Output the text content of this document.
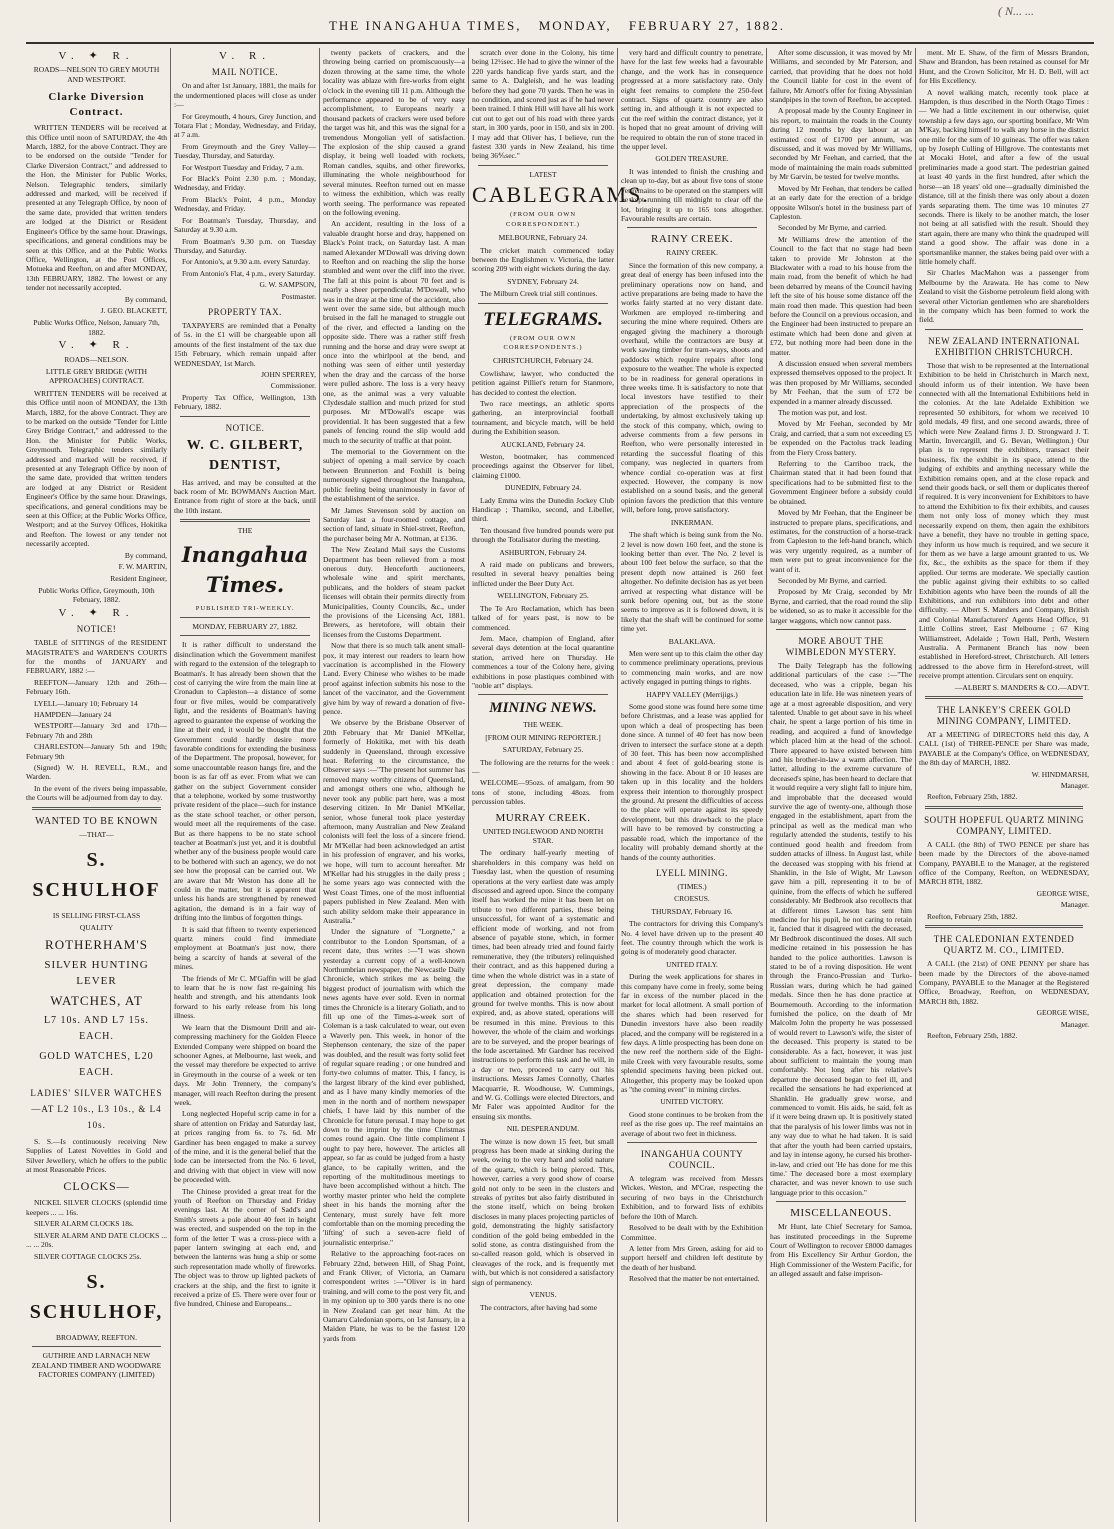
( N... ...
THE INANGAHUA TIMES, MONDAY, FEBRUARY 27, 1882.
V. ✦ R.

ROADS—NELSON TO GREY MOUTH AND WESTPORT.

Clarke Diversion Contract.

WRITTEN TENDERS will be received at this Office until noon of SATURDAY, the 4th March, 1882, for the above Contract. They are to be endorsed on the outside "Tender for Clarke Diversion Contract," and addressed to the Hon. the Minister for Public Works, Nelson. Telegraphic tenders, similarly addressed and marked, will be received if presented at any Telegraph Office, by noon of the same date, provided that written tenders are lodged at the District or Resident Engineer's Office by the same hour. Drawings, specifications, and general conditions may be seen at this Office, and at the Public Works Office, Wellington, at the Post Offices, Motueka and Reefton, on and after MONDAY, 13th FEBRUARY, 1882. The lowest or any tender not necessarily accepted.

By command,

J. GEO. BLACKETT,

Public Works Office, Nelson, January 7th, 1882.

V. ✦ R.

ROADS—NELSON.

LITTLE GREY BRIDGE (WITH APPROACHES) CONTRACT.

WRITTEN TENDERS will be received at this Office until noon of MONDAY, the 13th March, 1882, for the above Contract. They are to be marked on the outside "Tender for Little Grey Bridge Contract," and addressed to the Hon. the Minister for Public Works, Greymouth. Telegraphic tenders similarly addressed and marked will be received, if presented at any Telegraph Office by noon of the same date, provided that written tenders are lodged at any District or Resident Engineer's Office by the same hour. Drawings, specifications, and general conditions may be seen at this Office; at the Public Works Office, Westport; and at the Survey Offices, Hokitika and Reefton. The lowest or any tender not necessarily accepted.

By command,

F. W. MARTIN,

Resident Engineer,

Public Works Office, Greymouth, 10th February, 1882.

V. ✦ R.

NOTICE!

TABLE of SITTINGS of the RESIDENT MAGISTRATE'S and WARDEN'S COURTS for the months of JANUARY and FEBRUARY, 1882 :—

REEFTON—January 12th and 26th—February 16th.

LYELL—January 10; February 14

HAMPDEN—January 24

WESTPORT—January 3rd and 17th—February 7th and 28th

CHARLESTON—January 5th and 19th; February 9th

(Signed) W. H. REVELL, R.M., and Warden.

In the event of the rivers being impassable, the Courts will be adjourned from day to day.

WANTED TO BE KNOWN

—THAT—

S. SCHULHOF

IS SELLING FIRST-CLASS

QUALITY

ROTHERHAM'S

SILVER HUNTING LEVER

WATCHES, AT

L7 10s. AND L7 15s. EACH.

GOLD WATCHES, L20 EACH.

LADIES' SILVER WATCHES—AT L2 10s., L3 10s., & L4 10s.

S. S.—Is continuously receiving New Supplies of Latest Novelties in Gold and Silver Jewellery, which he offers to the public at most Reasonable Prices.

CLOCKS—

NICKEL SILVER CLOCKS (splendid time keepers ... ... 16s.

SILVER ALARM CLOCKS 18s.

SILVER ALARM AND DATE CLOCKS ... ... ... 20s.

SILVER COTTAGE CLOCKS 25s.

S. SCHULHOF,

BROADWAY, REEFTON.

GUTHRIE AND LARNACH NEW ZEALAND TIMBER AND WOODWARE FACTORIES COMPANY (LIMITED)

V. R.

MAIL NOTICE.

On and after 1st January, 1881, the mails for the undermentioned places will close as under :—

For Greymouth, 4 hours, Grey Junction, and Totara Flat ; Monday, Wednesday, and Friday, at 7 a.m.

From Greymouth and the Grey Valley—Tuesday, Thursday, and Saturday.

For Westport Tuesday and Friday, 7 a.m.

For Black's Point 2.30 p.m. ; Monday, Wednesday, and Friday.

From Black's Point, 4 p.m., Monday Wednesday, and Friday.

For Boatman's Tuesday, Thursday, and Saturday at 9.30 a.m.

From Boatman's 9.30 p.m. on Tuesday Thursday, and Saturday.

For Antonio's, at 9.30 a.m. every Saturday.

From Antonio's Flat, 4 p.m., every Saturday.

G. W. SAMPSON,

Postmaster.

PROPERTY TAX.

TAXPAYERS are reminded that a Penalty of 5s. in the £1 will be chargeable upon all amounts of the first instalment of the tax due 15th February, which remain unpaid after WEDNESDAY, 1st March.

JOHN SPERREY,

Commissioner.

Property Tax Office, Wellington, 13th February, 1882.

NOTICE.

W. C. GILBERT,

DENTIST,

Has arrived, and may be consulted at the back room of Mr. BOWMAN's Auction Mart. Entrance from right of store at the back, until the 10th instant.

THE

Inangahua Times.

PUBLISHED TRI-WEEKLY.

MONDAY, FEBRUARY 27, 1882.

It is rather difficult to understand the disinclination which the Government manifest with regard to the extension of the telegraph to Boatman's. It has already been shown that the cost of carrying the wire from the main line at Cronadun to Capleston—a distance of some four or five miles, would be comparatively light, and the residents of Boatman's having agreed to guarantee the expense of working the line at their end, it would be thought that the Government could hardly desire more favorable conditions for extending the business of the Department. The proposal, however, for some unaccountable reason hangs fire, and the boon is as far off as ever. From what we can gather on the subject Government consider that a telephone, worked by some trustworthy private resident of the place—such for instance as the state school teacher, or other person, would meet all the requirements of the case. But as there happens to be no state school teacher at Boatman's just yet, and it is doubtful whether any of the business people would care to be bothered with such an agency, we do not see how the proposal can be carried out. We are aware that Mr Weston has done all he could in the matter, but it is apparent that unless his hands are strengthened by renewed agitation, the demand is in a fair way of drifting into the limbus of forgotten things.

It is said that fifteen to twenty experienced quartz miners could find immediate employment at Boatman's just now, there being a scarcity of hands at several of the mines.

The friends of Mr C. M'Gaffin will be glad to learn that he is now fast re-gaining his health and strength, and his attendants look forward to his early release from his long illness.

We learn that the Dismount Drill and air-compressing machinery for the Golden Fleece Extended Company were shipped on board the schooner Agnes, at Melbourne, last week, and the vessel may therefore be expected to arrive in Greymouth in the course of a week or ten days. Mr John Trennery, the company's manager, will reach Reefton during the present week.

Long neglected Hopeful scrip came in for a share of attention on Friday and Saturday last, at prices ranging from 6s. to 7s. 6d. Mr Gardiner has been engaged to make a survey of the mine, and it is the general belief that the lode can be intersected from the No. 6 level, and driving with that object in view will now be proceeded with.

The Chinese provided a great treat for the youth of Reefton on Thursday and Friday evenings last. At the corner of Sadd's and Smith's streets a pole about 40 feet in height was erected, and suspended on the top in the form of the letter T was a cross-piece with a paper lantern swinging at each end, and between the lanterns was hung a ship or some such representation made wholly of fireworks. The object was to throw up lighted packets of crackers at the ship, and the first to ignite it received a prize of £5. There were over four or five hundred, Chinese and Europeans...

twenty packets of crackers, and the throwing being carried on promiscuously—a dozen throwing at the same time, the whole locality was ablaze with fire-works from eight o'clock in the evening till 11 p.m. Although the performance appeared to be of very easy accomplishment, to Europeans nearly a thousand packets of crackers were used before the target was hit, and this was the signal for a tremendous Mongolian yell of satisfaction. The explosion of the ship caused a grand display, it being well loaded with rockets, Roman candles, squibs, and other fireworks, illuminating the whole neighbourhood for several minutes. Reefton turned out en masse to witness the exhibition, which was really worth seeing. The performance was repeated on the following evening.

An accident, resulting in the loss of a valuable draught horse and dray, happened on Black's Point track, on Saturday last. A man named Alexander M'Dowall was driving down to Reefton and on reaching the slip the horse stumbled and went over the cliff into the river. The fall at this point is about 70 feet and is nearly a sheer perpendicular. M'Dowall, who was in the dray at the time of the accident, also went over the same side, but although much bruised in the fall he managed to struggle out of the river, and effected a landing on the opposite side. There was a rather stiff fresh running and the horse and dray were swept at once into the whirlpool at the bend, and nothing was seen of either until yesterday when the dray and the carcass of the horse were pulled ashore. The loss is a very heavy one, as the animal was a very valuable Clydesdale stallion and much prized for stud purposes. Mr M'Dowall's escape was providential. It has been suggested that a few panels of fencing round the slip would add much to the security of traffic at that point.

The memorial to the Government on the subject of opening a mail service by coach between Brunnerton and Foxhill is being numerously signed throughout the Inangahua, public feeling being unanimously in favor of the establishment of the service.

Mr James Stevenson sold by auction on Saturday last a four-roomed cottage, and section of land, situate in Shiel-street, Reefton, the purchaser being Mr A. Nottman, at £136.

The New Zealand Mail says the Customs Department has been relieved from a most onerous duty. Henceforth auctioneers, wholesale wine and spirit merchants, publicans, and the holders of steam packet licenses will obtain their permits directly from Municipalities, County Councils, &c., under the provisions of the Licensing Act, 1881. Brewers, as heretofore, will obtain their licenses from the Customs Department.

Now that there is so much talk anent small-pox, it may interest our readers to learn how vaccination is accomplished in the Flowery Land. Every Chinese who wishes to be made proof against infection submits his nose to the lancet of the vaccinator, and the Government give him by way of reward a donation of five-pence.

We observe by the Brisbane Observer of 20th February that Mr Daniel M'Kellar, formerly of Hokitika, met with his death suddenly in Queensland, through excessive heat. Referring to the circumstance, the Observer says :—"The present hot summer has removed many worthy citizens of Queensland, and amongst others one who, although he never took any public part here, was a most deserving citizen. In Mr Daniel M'Kellar, senior, whose funeral took place yesterday afternoon, many Australian and New Zealand colonists will feel the loss of a sincere friend. Mr M'Kellar had been acknowledged an artist in his profession of engraver, and his works, we hope, will turn to account hereafter. Mr M'Kellar had his struggles in the daily press ; he some years ago was connected with the West Coast Times, one of the most influential papers published in New Zealand. Men with such ability seldom make their appearance in Australia."

Under the signature of "Lorgnette," a contributor to the London Sportsman, of a recent date, thus writes :—"I was shown yesterday a current copy of a well-known Northumbrian newspaper, the Newcastle Daily Chronicle, which strikes me as being the biggest product of journalism with which the news agents have ever sold. Even in normal times the Chronicle is a literary Goliath, and to fill up one of the Times-a-week sort of Coleman is a task calculated to wear, out even a Waverly pen. This week, in honor of the Stephenson centenary, the size of the paper was doubled, and the result was forty solid feet of regular square reading ; or one hundred and forty-two columns of matter. This, I fancy, is the largest library of the kind ever published, and as I have many kindly memories of the men in the north and of northern newspaper chiefs, I have laid by this number of the Chronicle for future perusal. I may hope to get down to the imprint by the time Christmas comes round again. One little compliment I ought to pay here, however. The articles all appear, so far as could be judged from a hasty glance, to be capitally written, and the reporting of the multitudinous meetings to have been accomplished without a hitch. The worthy master printer who held the complete sheet in his hands the morning after the Centenary, must surely have felt more comfortable than on the morning preceding the 'lifting' of such a seven-acre field of journalistic enterprise."

Relative to the approaching foot-races on February 22nd, between Hill, of Shag Point, and Frank Oliver, of Victoria, an Oamaru correspondent writes :—"Oliver is in hard training, and will come to the post very fit, and in my opinion up to 300 yards there is no one in New Zealand can get near him. At the Oamaru Caledonian sports, on 1st January, in a Maiden Plate, he was to be the fastest 120 yards from

scratch ever done in the Colony, his time being 12½sec. He had to give the winner of the 220 yards handicap five yards start, and the same to A. Dalgleish, and he was leading before they had gone 70 yards. Then he was in no condition, and scored just as if he had never been trained. I think Hill will have all his work cut out to get out of his road with three yards start, in 300 yards, poor in 150, and six in 200. I may add that Oliver has, I believe, run the fastest 330 yards in New Zealand, his time being 36⅘sec."

LATEST

CABLEGRAMS.

(FROM OUR OWN CORRESPONDENT.)

MELBOURNE, February 24.

The cricket match commenced today between the Englishmen v. Victoria, the latter scoring 209 with eight wickets during the day.

SYDNEY, February 24.

The Milburn Creek trial still continues.

TELEGRAMS.

(FROM OUR OWN CORRESPONDENTS.)

CHRISTCHURCH, February 24.

Cowlishaw, lawyer, who conducted the petition against Pilliet's return for Stanmore, has decided to contest the election.

Two race meetings, an athletic sports gathering, an interprovincial football tournament, and bicycle match, will be held during the Exhibition season.

AUCKLAND, February 24.

Weston, bootmaker, has commenced proceedings against the Observer for libel, claiming £1000.

DUNEDIN, February 24.

Lady Emma wins the Dunedin Jockey Club Handicap ; Thamiko, second, and Libeller, third.

Ten thousand five hundred pounds were put through the Totalisator during the meeting.

ASHBURTON, February 24.

A raid made on publicans and brewers, resulted in several heavy penalties being inflicted under the Beer Duty Act.

WELLINGTON, February 25.

The Te Aro Reclamation, which has been talked of for years past, is now to be commenced.

Jem. Mace, champion of England, after several days detention at the local quarantine station, arrived here on Thursday. He commences a tour of the Colony here, giving exhibitions in pose plastiques combined with "noble art" displays.

MINING NEWS.

THE WEEK.

[FROM OUR MINING REPORTER.]

SATURDAY, February 25.

The following are the returns for the week :—

WELCOME—95ozs. of amalgam, from 90 tons of stone, including 48ozs. from percussion tables.

MURRAY CREEK.

UNITED INGLEWOOD AND NORTH STAR.

The ordinary half-yearly meeting of shareholders in this company was held on Tuesday last, when the question of resuming operations at the very earliest date was amply discussed and agreed upon. Since the company itself has worked the mine it has been let on tribute to two different parties, these being unsuccessful, for want of a systematic and efficient mode of working, and not from absence of payable stone, which, in former times, had been already tried and found fairly remunerative, they (the tributers) relinquished their contract, and as this happened during a time when the whole district was in a state of great depression, the company made application and obtained protection for the ground for twelve months. This is now about expired, and, as above stated, operations will be resumed in this mine. Previous to this however, the whole of the claim and workings are to be surveyed, and the proper bearings of the lode ascertained. Mr Gardner has received instructions to perform this task and he will, in a day or two, proceed to carry out his instructions. Messrs James Connolly, Charles Macquarrie, R. Woodhouse, W. Cummings, and W. G. Collings were elected Directors, and Mr Faler was appointed Auditor for the ensuing six months.

NIL DESPERANDUM.

The winze is now down 15 feet, but small progress has been made at sinking during the week, owing to the very hard and solid nature of the quartz, which is being pierced. This, however, carries a very good show of coarse gold not only to be seen in the clusters and streaks of pyrites but also fairly distributed in the stone itself, which on being broken discloses in many places projecting particles of gold, demonstrating the highly satisfactory condition of the gold being embedded in the solid stone, as contra distinguished from the so-called reason gold, which is observed in cleavages of the rock, and is frequently met with, but which is not considered a satisfactory sign of permanency.

VENUS.

The contractors, after having had some

very hard and difficult country to penetrate, have for the last few weeks had a favourable change, and the work has in consequence progressed at a more satisfactory rate. Only eight feet remains to complete the 250-feet contract. Signs of quartz country are also setting in, and although it is not expected to cut the reef within the contract distance, yet it is hoped that no great amount of driving will be required to obtain the run of stone traced in the upper level.

GOLDEN TREASURE.

It was intended to finish the crushing and clean up to-day, but as about five tons of stone yet remains to be operated on the stampers will be kept running till midnight to clear off the lot, bringing it up to 165 tons altogether. Favourable results are certain.

RAINY CREEK.

RAINY CREEK.

Since the formation of this new company, a great deal of energy has been infused into the preliminary operations now on hand, and active preparations are being made to have the works fairly started at no very distant date. Workmen are employed re-timbering and securing the mine where required. Others are engaged giving the machinery a thorough overhaul, while the contractors are busy at work sawing timber for tram-ways, shoots and paddocks which require repairs after long exposure to the weather. The whole is expected to be in readiness for general operations in three weeks time. It is satisfactory to note that local investors have testified to their appreciation of the prospects of the undertaking, by almost exclusively taking up the stock of this company, which, owing to adverse comments from a few persons in Reefton, who were personally interested in retarding the successful floating of this company, was neglected in quarters from whence cordial co-operation was at first expected. However, the company is now established on a sound basis, and the general opinion favors the prediction that this venture will, before long, prove satisfactory.

INKERMAN.

The shaft which is being sunk from the No. 2 level is now down 160 feet, and the stone is looking better than ever. The No. 2 level is about 100 feet below the surface, so that the present depth now attained is 260 feet altogether. No definite decision has as yet been arrived at respecting what distance will be sunk before opening out, but as the stone seems to improve as it is followed down, it is likely that the shaft will be continued for some time yet.

BALAKLAVA.

Men were sent up to this claim the other day to commence preliminary operations, previous to commencing main works, and are now actively engaged in putting things to rights.

HAPPY VALLEY (Merrijigs.)

Some good stone was found here some time before Christmas, and a lease was applied for upon which a deal of prospecting has been done since. A tunnel of 40 feet has now been driven to intersect the surface stone at a depth of 30 feet. This has been now accomplished and about 4 feet of gold-bearing stone is showing in the face. About 8 or 10 leases are taken up in this locality and the holders express their intention to thoroughly prospect the ground. At present the difficulties of access to the place will operate against its speedy development, but this drawback to the place will have to be removed by constructing a passable road, which the importance of the locality will probably demand shortly at the hands of the county authorities.

LYELL MINING.

(TIMES.)

CROESUS.

THURSDAY, February 16.

The contractors for driving this Company's No. 4 level have driven up to the present 40 feet. The country through which the work is going is of moderately good character.

UNITED ITALY.

During the week applications for shares in this company have come in freely, some being far in excess of the number placed in the market for local allotment. A small portion of the shares which had been reserved for Dunedin investors have also been readily placed, and the company will be registered in a few days. A little prospecting has been done on the new reef the northern side of the Eight-mile Creek with very favourable results, some splendid specimens having been picked out. Altogether, this property may be looked upon as "the coming event" in mining circles.

UNITED VICTORY.

Good stone continues to be broken from the reef as the rise goes up. The reef maintains an average of about two feet in thickness.

INANGAHUA COUNTY COUNCIL.

A telegram was received from Messrs Wickes, Weston, and M'Crae, respecting the securing of two bays in the Christchurch Exhibition, and to forward lists of exhibits before the 10th of March.

Resolved to be dealt with by the Exhibition Committee.

A letter from Mrs Green, asking for aid to support herself and children left destitute by the death of her husband.

Resolved that the matter be not entertained.

After some discussion, it was moved by Mr Williams, and seconded by Mr Paterson, and carried, that providing that he does not hold the Council liable for cost in the event of failure, Mr Arnott's offer for fixing Abyssinian standpipes in the town of Reefton, be accepted.

A proposal made by the County Engineer in his report, to maintain the roads in the County during 12 months by day labour at an estimated cost of £1700 per annum, was discussed, and it was moved by Mr Williams, seconded by Mr Feehan, and carried, that the mode of maintaining the main roads submitted by Mr Garvin, be tested for twelve months.

Moved by Mr Feehan, that tenders be called at an early date for the erection of a bridge opposite Wilson's hotel in the business part of Capleston.

Seconded by Mr Byrne, and carried.

Mr Williams drew the attention of the Council to the fact that no stage had been taken to provide Mr Johnston at the Blackwater with a road to his house from the main road, from the benefit of which he had been debarred by means of the Council having left the site of his house some distance off the main road then made. This question had been before the Council on a previous occasion, and the Engineer had been instructed to prepare an estimate which had been done and given at £72, but nothing more had been done in the matter.

A discussion ensued when several members expressed themselves opposed to the project. It was then proposed by Mr Williams, seconded by Mr Feehan, that the sum of £72 be expended in a manner already discussed.

The motion was put, and lost.

Moved by Mr Feehan, seconded by Mr Craig, and carried, that a sum not exceeding £5 be expended on the Pactolus track leading from the Fiery Cross battery.

Referring to the Carriboo track, the Chairman stated that it had been found that specifications had to be submitted first to the Government Engineer before a subsidy could be obtained.

Moved by Mr Feehan, that the Engineer be instructed to prepare plans, specifications, and estimates, for the construction of a horse-track from Capleston to the left-hand branch, which was very urgently required, as a number of men were put to great inconvenience for the want of it.

Seconded by Mr Byrne, and carried.

Proposed by Mr Craig, seconded by Mr Byrne, and carried, that the road round the slip be widened, so as to make it accessible for the larger waggons, which now cannot pass.

MORE ABOUT THE WIMBLEDON MYSTERY.

The Daily Telegraph has the following additional particulars of the case :—"The deceased, who was a cripple, began his education late in life. He was nineteen years of age at a most agreeable disposition, and very talented. Unable to get about save in his wheel chair, he spent a large portion of his time in reading, and acquired a fund of knowledge which placed him at the head of the school. There appeared to have existed between him and his brother-in-law a warm affection. The latter, alluding to the extreme curvature of deceased's spine, has been heard to declare that it would require a very slight fall to injure him, and improbable that the deceased would survive the age of twenty-one, although those engaged in the establishment, apart from the principal as well as the medical man who regularly attended the students, testify to his continued good health and freedom from sudden attacks of illness. In August last, while the deceased was stopping with his friend at Shanklin, in the Isle of Wight, Mr Lawson gave him a pill, representing it to be of quinine, from the effects of which he suffered considerably. Mr Bedbrook also recollects that at different times Lawson has sent him medicine for his pupil, he not caring to retain it, fancied that it disagreed with the deceased, Mr Bedbrook discontinued the doses. All such medicine retained in his possession he has handed to the police authorities. Lawson is stated to be of a roving disposition. He went through the Franco-Prussian and Turko-Russian wars, during which he had gained medals. Since then he has done practice at Bournemouth. According to the information furnished the police, on the death of Mr Malcolm John the property he was possessed of would revert to Lawson's wife, the sister of the deceased. This property is stated to be considerable. As a fact, however, it was just about sufficient to maintain the young man comfortably. Not long after his relative's departure the deceased began to feel ill, and recalled the sensations he had experienced at Shanklin. He gradually grew worse, and commenced to vomit. His aids, he said, felt as if it were being drawn up. It is positively stated that the paralysis of his lower limbs was not in any way due to what he had taken. It is said that after the youth had been carried upstairs, and lay in intense agony, he cursed his brother-in-law, and cried out 'He has done for me this time.' The deceased bore a most exemplary character, and was never known to use such language prior to this occasion."

MISCELLANEOUS.

Mr Hunt, late Chief Secretary for Samoa, has instituted proceedings in the Supreme Court of Wellington to recover £8000 damages from His Excellency Sir Arthur Gordon, the High Commissioner of the Western Pacific, for an alleged assault and false imprison-

ment. Mr E. Shaw, of the firm of Messrs Brandon, Shaw and Brandon, has been retained as counsel for Mr Hunt, and the Crown Solicitor, Mr H. D. Bell, will act for His Excellency.

A novel walking match, recently took place at Hampden, is thus described in the North Otago Times :— We had a little excitement in our otherwise, quiet township a few days ago, our sporting boniface, Mr Wm M'Kay, backing himself to walk any horse in the district one mile for the sum of 10 guineas. The offer was taken up by Joseph Culling of Hillgrove. The contestants met at Mocaki Hotel, and after a few of the usual preliminaries made a good start. The pedestrian gained at least 40 yards in the first hundred, after which the horse—an 18 years' old one—gradually diminished the distance, till at the finish there was only about a dozen yards separating them. The time was 10 minutes 27 seconds. There is likely to be another match, the loser not being at all satisfied with the result. Should they start again, there are many who think the quadruped will stand a good show. The affair was done in a sportsmanlike manner, the stakes being paid over with a little homely chaff.

Sir Charles MacMahon was a passenger from Melbourne by the Arawata. He has come to New Zealand to visit the Gisborne petroleum field along with several other Victorian gentlemen who are shareholders in the company which has been formed to work the field.

NEW ZEALAND INTERNATIONAL EXHIBITION CHRISTCHURCH.

Those that wish to be represented at the International Exhibition to be held in Christchurch in March next, should inform us of their intention. We have been connected with all the International Exhibitions held in the colonies. At the late Adelaide Exhibition we represented 50 exhibitors, for whom we received 10 gold medals, 49 first, and one second awards, three of which were New Zealand firms J. D. Strongward J. T. Martin, Invercargill, and G. Bevan, Wellington.) Our plan is to represent the exhibitors, transact their business, fix the exhibit in its space, attend to the judging of exhibits and anything necessary while the Exhibition remains open, and at the close repack and send their goods back, or sell them or duplicates thereof if required. It is very inconvenient for Exhibitors to have to attend the Exhibition to fix their exhibits, and causes them not only loss of money which they must necessarily expend on them, then again the exhibitors have a benefit, they have no trouble in getting space, they inform us how much is required, and we secure it for them as we have a large amount granted to us. We fix, &c., the exhibits as the space for them if they applied. Our terms are moderate. We specially caution the public against giving their exhibits to so called Exhibition agents who have been the rounds of all the Exhibitions, and run exhibitors into debt and other difficulty. — Albert S. Manders and Company, British and Colonial Manufacturers' Agents Head Office, 91 Little Collins street, East Melbourne ; 67 King Williamstreet, Adelaide ; Town Hall, Perth, Western Australia. A Permanent Branch has now been established in Hereford-street, Christchurch. All letters addressed to the above firm in Hereford-street, will receive prompt attention. Circulars sent on enquiry.

—ALBERT S. MANDERS & CO.—ADVT.

THE LANKEY'S CREEK GOLD MINING COMPANY, LIMITED.

AT a MEETING of DIRECTORS held this day, A CALL (1st) of THREE-PENCE per Share was made, PAYABLE at the Company's Office, on WEDNESDAY, the 8th day of MARCH, 1882.

W. HINDMARSH,

Manager.

Reefton, February 25th, 1882.

SOUTH HOPEFUL QUARTZ MINING COMPANY, LIMITED.

A CALL (the 8th) of TWO PENCE per share has been made by the Directors of the above-named Company, PAYABLE to the Manager, at the registered office of the Company, Reefton, on WEDNESDAY, MARCH 8TH, 1882.

GEORGE WISE,

Manager.

Reefton, February 25th, 1882.

THE CALEDONIAN EXTENDED QUARTZ M. CO., LIMITED.

A CALL (the 21st) of ONE PENNY per share has been made by the Directors of the above-named Company, PAYABLE to the Manager at the Registered Office, Broadway, Reefton, on WEDNESDAY, MARCH 8th, 1882.

GEORGE WISE,

Manager.

Reefton, February 25th, 1882.
